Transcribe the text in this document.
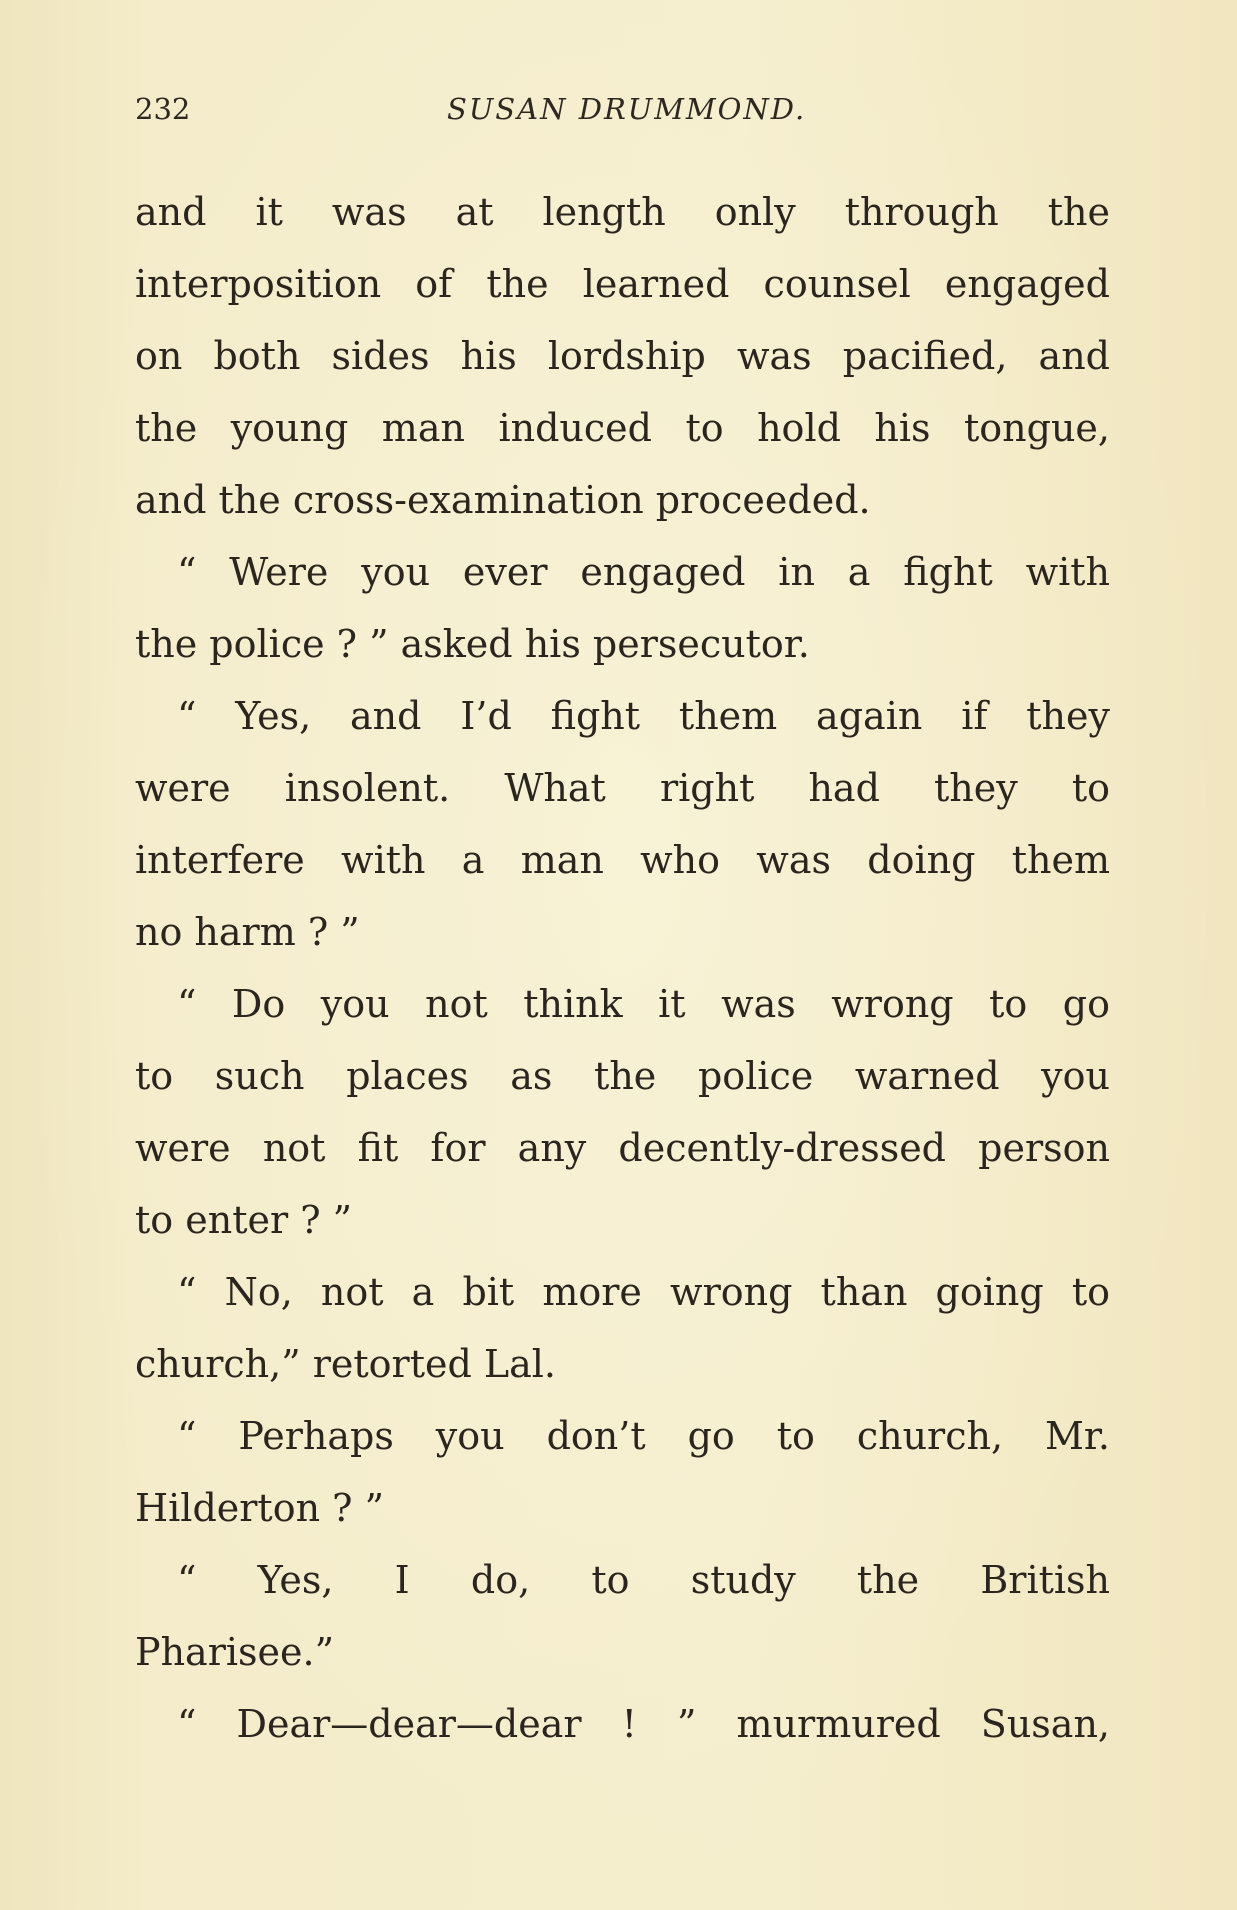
232	SUSAN DRUMMOND.
and it was at length only through the
interposition of the learned counsel engaged
on both sides his lordship was pacified, and
the young man induced to hold his tongue,
and the cross-examination proceeded.
“ Were you ever engaged in a fight with
the police ? ” asked his persecutor.
“ Yes, and I’d fight them again if they
were insolent. What right had they to
interfere with a man who was doing them
no harm ? ”
“ Do you not think it was wrong to go
to such places as the police warned you
were not fit for any decently-dressed person
to enter ? ”
“ No, not a bit more wrong than going to
church,” retorted Lal.
“ Perhaps you don’t go to church, Mr.
Hilderton ? ”
“ Yes, I do, to study the British
Pharisee.”
“ Dear—dear—dear ! ” murmured Susan,
